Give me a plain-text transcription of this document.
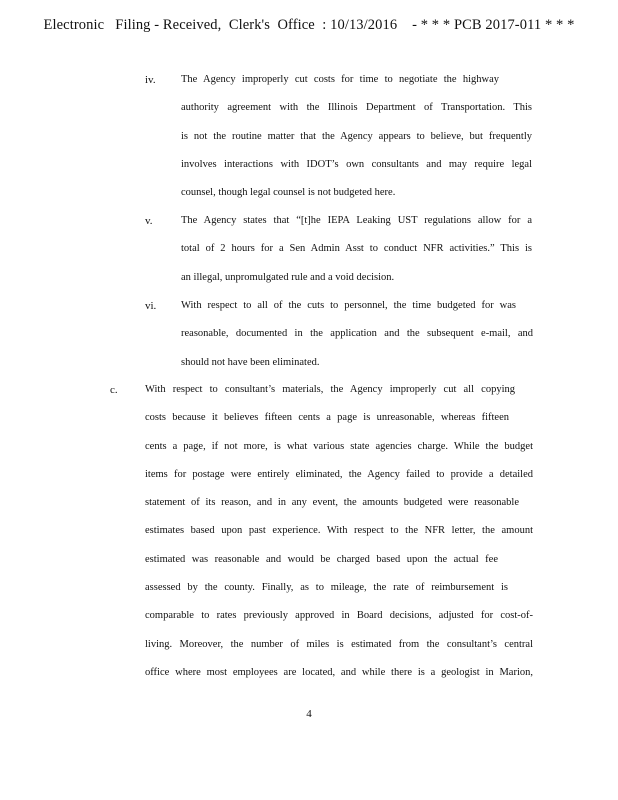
Electronic   Filing - Received,  Clerk's  Office  : 10/13/2016    - * * * PCB 2017-011 * * *
iv. The Agency improperly cut costs for time to negotiate the highway
authority agreement with the Illinois Department of Transportation. This
is not the routine matter that the Agency appears to believe, but frequently
involves interactions with IDOT’s own consultants and may require legal
counsel, though legal counsel is not budgeted here.
v.	The Agency states that “[t]he IEPA Leaking UST regulations allow for a
total of 2 hours for a Sen Admin Asst to conduct NFR activities.” This is
an illegal, unpromulgated rule and a void decision.
vi. With respect to all of the cuts to personnel, the time budgeted for was
reasonable, documented in the application and the subsequent e-mail, and
should not have been eliminated.
c.	With respect to consultant’s materials, the Agency improperly cut all copying
costs because it believes fifteen cents a page is unreasonable, whereas fifteen
cents a page, if not more, is what various state agencies charge. While the budget
items for postage were entirely eliminated, the Agency failed to provide a detailed
statement of its reason, and in any event, the amounts budgeted were reasonable
estimates based upon past experience. With respect to the NFR letter, the amount
estimated was reasonable and would be charged based upon the actual fee
assessed by the county. Finally, as to mileage, the rate of reimbursement is
comparable to rates previously approved in Board decisions, adjusted for cost-of-
living. Moreover, the number of miles is estimated from the consultant’s central
office where most employees are located, and while there is a geologist in Marion,
4
